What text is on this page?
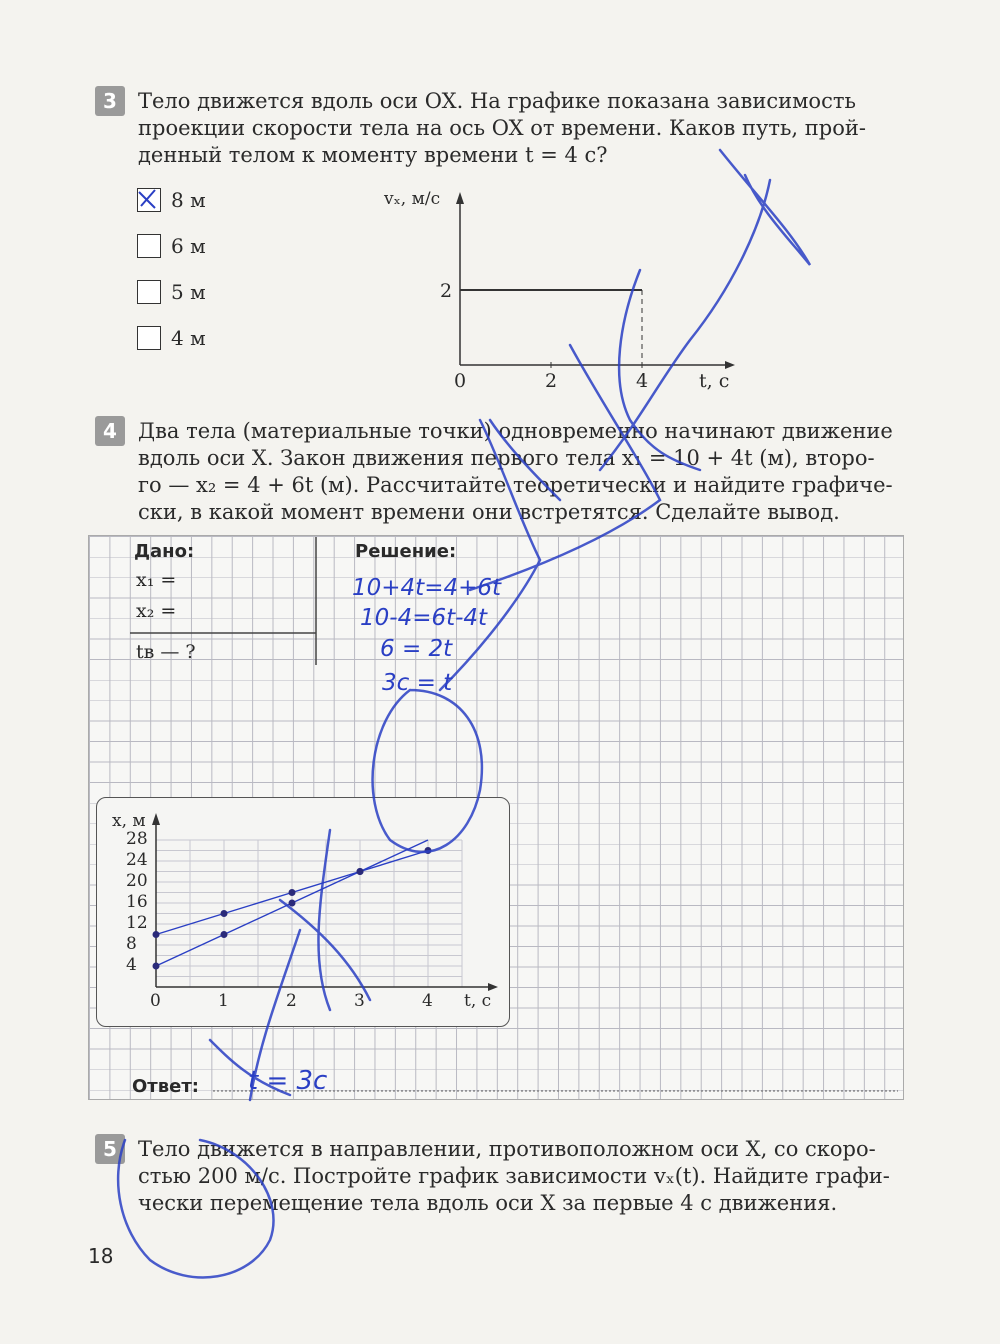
3	Тело движется вдоль оси OX. На графике показана зависимость

проекции скорости тела на ось OX от времени. Каков путь, прой-

денный телом к моменту времени t = 4 с?

8 м
6 м
5 м
4 м
vₓ, м/с
t, с
2
0	2	4
4	Два тела (материальные точки) одновременно начинают движение

вдоль оси X. Закон движения первого тела x₁ = 10 + 4t (м), второ-

го — x₂ = 4 + 6t (м). Рассчитайте теоретически и найдите графиче-

ски, в какой момент времени они встретятся. Сделайте вывод.

Дано:
x₁ =
x₂ =
tв — ?
Решение:
10+4t=4+6t
10-4=6t-4t
6 = 2t
3с = t
x, м
t, с
28
24
20
16
12
8
4
0	1	2	3	4
Ответ: t = 3с
5	Тело движется в направлении, противоположном оси X, со скоро-

стью 200 м/с. Постройте график зависимости vₓ(t). Найдите графи-

чески перемещение тела вдоль оси X за первые 4 с движения.

18
